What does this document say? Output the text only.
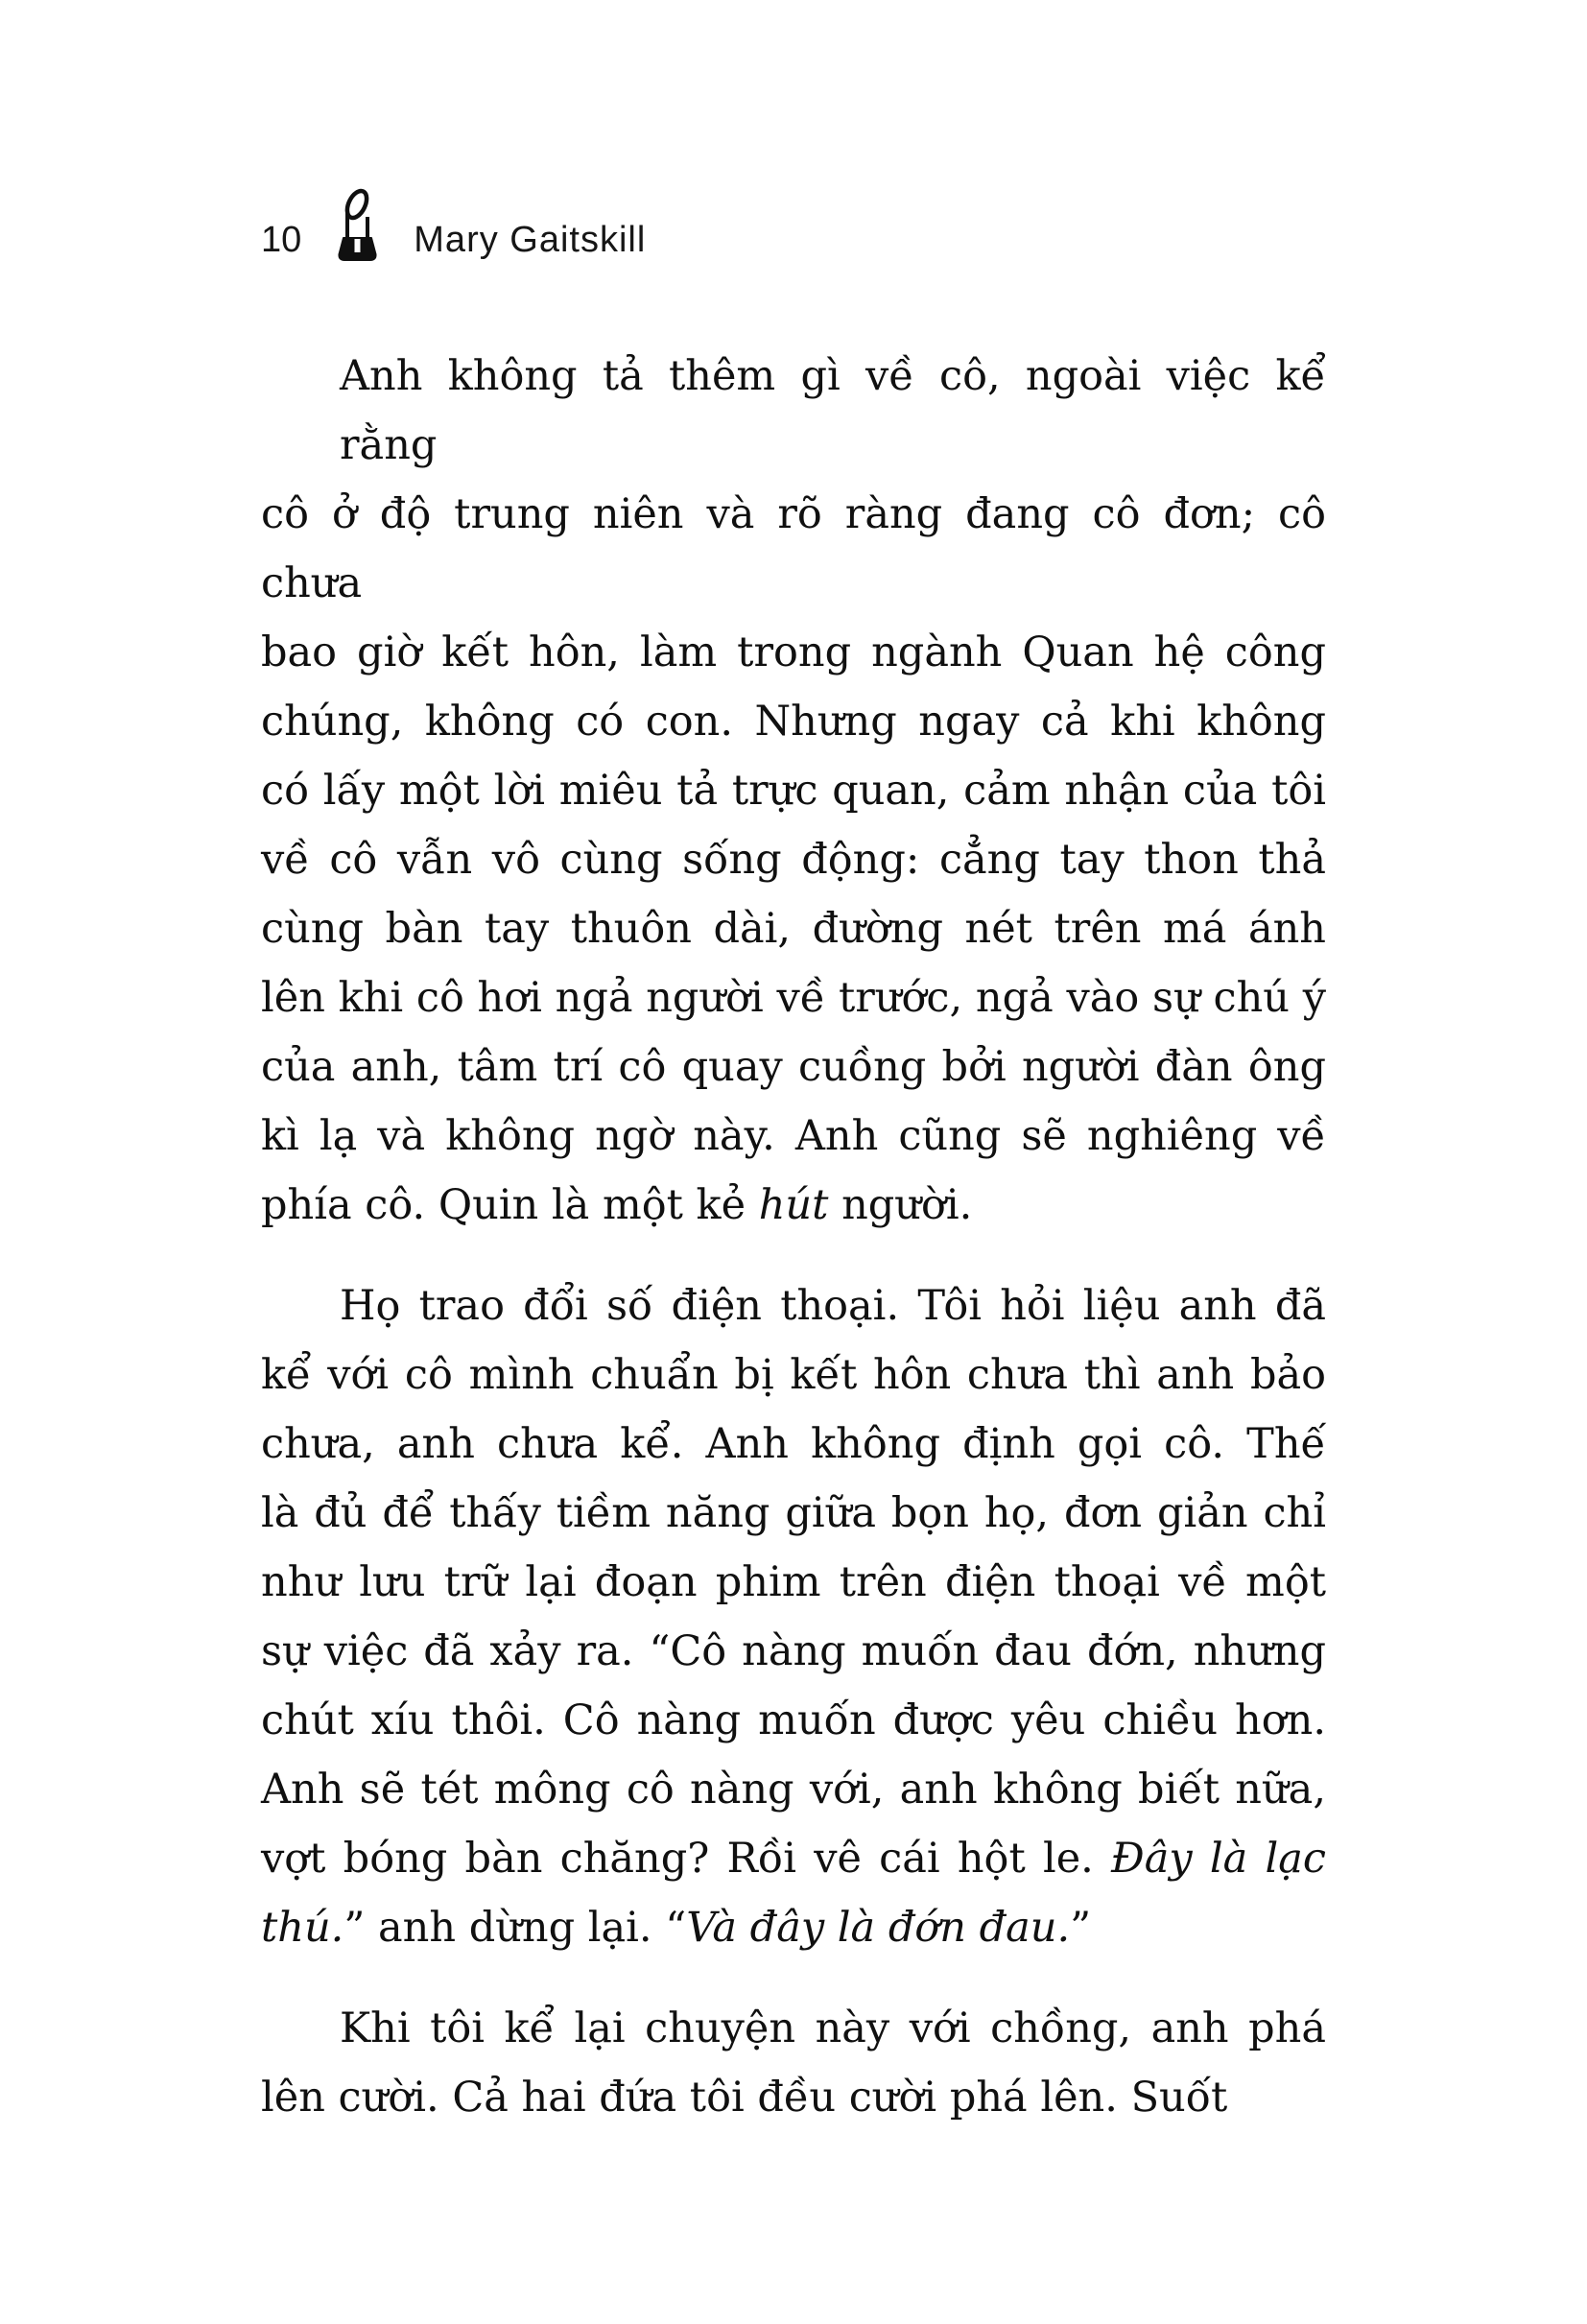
10	Mary Gaitskill
Anh không tả thêm gì về cô, ngoài việc kể rằng
cô ở độ trung niên và rõ ràng đang cô đơn; cô chưa
bao giờ kết hôn, làm trong ngành Quan hệ công
chúng, không có con. Nhưng ngay cả khi không
có lấy một lời miêu tả trực quan, cảm nhận của tôi
về cô vẫn vô cùng sống động: cẳng tay thon thả
cùng bàn tay thuôn dài, đường nét trên má ánh
lên khi cô hơi ngả người về trước, ngả vào sự chú ý
của anh, tâm trí cô quay cuồng bởi người đàn ông
kì lạ và không ngờ này. Anh cũng sẽ nghiêng về
phía cô. Quin là một kẻ hút người.
Họ trao đổi số điện thoại. Tôi hỏi liệu anh đã
kể với cô mình chuẩn bị kết hôn chưa thì anh bảo
chưa, anh chưa kể. Anh không định gọi cô. Thế
là đủ để thấy tiềm năng giữa bọn họ, đơn giản chỉ
như lưu trữ lại đoạn phim trên điện thoại về một
sự việc đã xảy ra. “Cô nàng muốn đau đớn, nhưng
chút xíu thôi. Cô nàng muốn được yêu chiều hơn.
Anh sẽ tét mông cô nàng với, anh không biết nữa,
vợt bóng bàn chăng? Rồi vê cái hột le. Đây là lạc
thú.” anh dừng lại. “Và đây là đớn đau.”
Khi tôi kể lại chuyện này với chồng, anh phá
lên cười. Cả hai đứa tôi đều cười phá lên. Suốt
